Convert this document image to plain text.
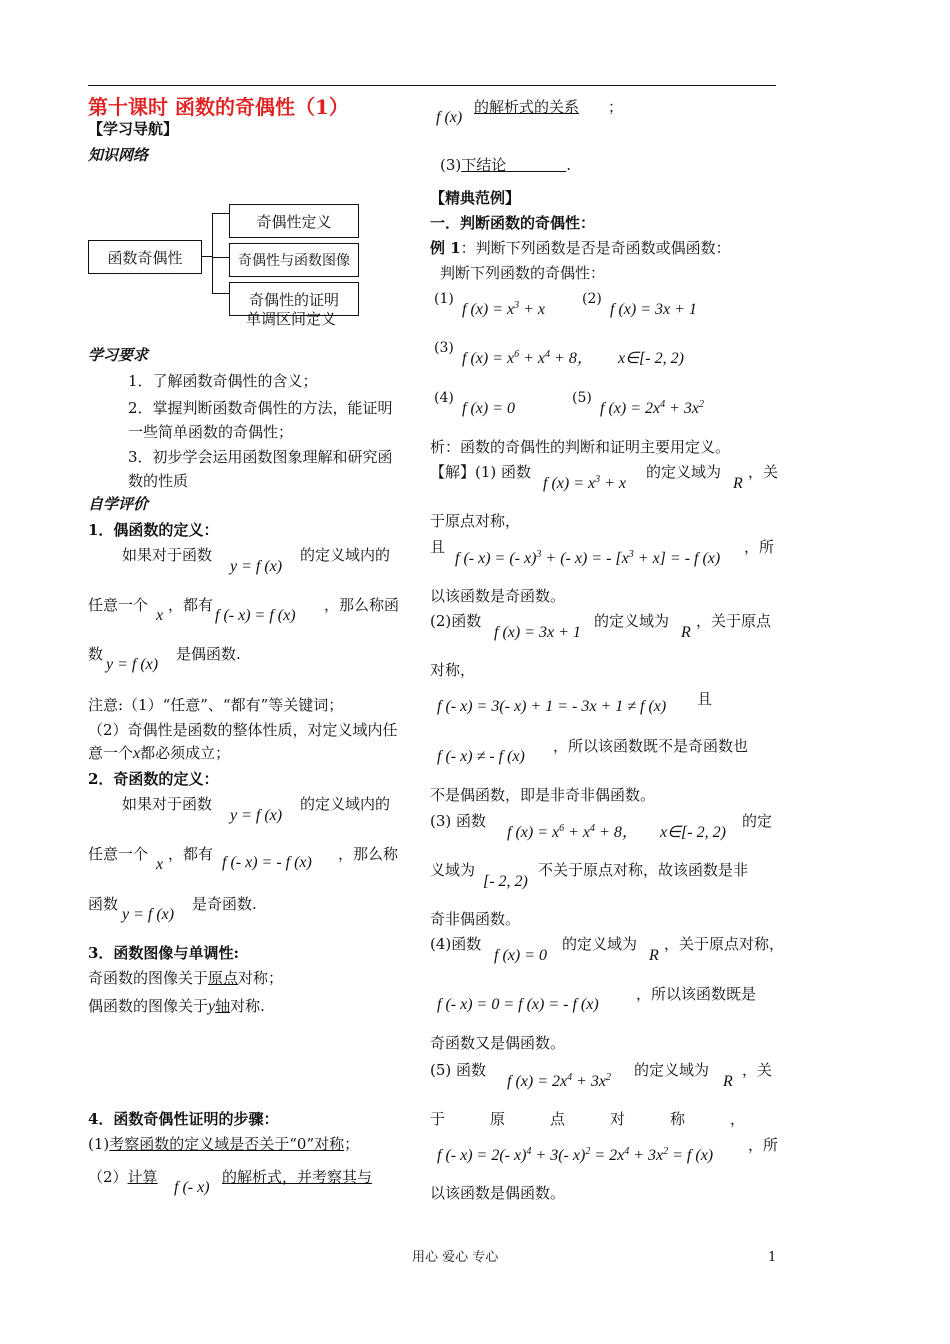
第十课时 函数的奇偶性（1）
【学习导航】
知识网络
函数奇偶性
奇偶性定义
奇偶性与函数图像
奇偶性的证明
单调区间定义
学习要求
1．了解函数奇偶性的含义；
2．掌握判断函数奇偶性的方法，能证明一些简单函数的奇偶性；
3．初步学会运用函数图象理解和研究函数的性质
自学评价
1．偶函数的定义：
如果对于函数
y = f (x)
的定义域内的
任意一个
x
，都有
f (- x) = f (x)
，那么称函
数
y = f (x)
是偶函数.
注意:（1）“任意”、“都有”等关键词；
（2）奇偶性是函数的整体性质，对定义域内任意一个x都必须成立；
2．奇函数的定义：
如果对于函数
y = f (x)
的定义域内的
任意一个
x
，都有 f (- x) = - f (x) ，那么称
函数
y = f (x)
是奇函数.
3．函数图像与单调性:
奇函数的图像关于原点对称；
偶函数的图像关于y轴对称.
4．函数奇偶性证明的步骤：
(1)考察函数的定义域是否关于“0”对称；
（2）计算
f (- x)
的解析式，并考察其与
f (x)
的解析式的关系 ；
(3)下结论　　　　	.
【精典范例】
一．判断函数的奇偶性：
例 1：判断下列函数是否是奇函数或偶函数：
判断下列函数的奇偶性：
(1)
f $(x) = x^3 + x$
(2)
f (x) = 3x + 1
(3)
f $(x) = x^6 + x^4 + 8$， x∈[- 2, 2)
(4)
f (x) = 0
(5)
f $(x) = 2x^4 + 3x^2$
析：函数的奇偶性的判断和证明主要用定义。
【解】(1) 函数
f $(x) = x^3 + x$
的定义域为
R
，关
于原点对称，
且
f (- x) = (- x)$^3$ + (- x) = - $[x^3 + x]$ = - f (x)
，所
以该函数是奇函数。
(2)函数
f (x) = 3x + 1
的定义域为
R
，关于原点
对称，
f (- x) = 3(- x) + 1 = - 3x + 1 ≠ f (x) 且
f (- x) ≠ - f (x)
，所以该函数既不是奇函数也
不是偶函数，即是非奇非偶函数。
(3) 函数
f $(x) = x^6 + x^4 + 8$， x∈[- 2, 2)
的定
义域为
[- 2, 2)
不关于原点对称，故该函数是非
奇非偶函数。
(4)函数
f (x) = 0
的定义域为
R
，关于原点对称，
f (- x) = 0 = f (x) = - f (x)
，所以该函数既是
奇函数又是偶函数。
(5) 函数
f $(x) = 2x^4 + 3x^2$ 的定义域为
R
，关
于　　　原　　　点　　　对　　　称　　　，
f (- x) = 2(- x)$^4$ + 3(- $x)^2 = 2x^4 + 3x^2 = f$ (x)
，所
以该函数是偶函数。
用心 爱心 专心	1
